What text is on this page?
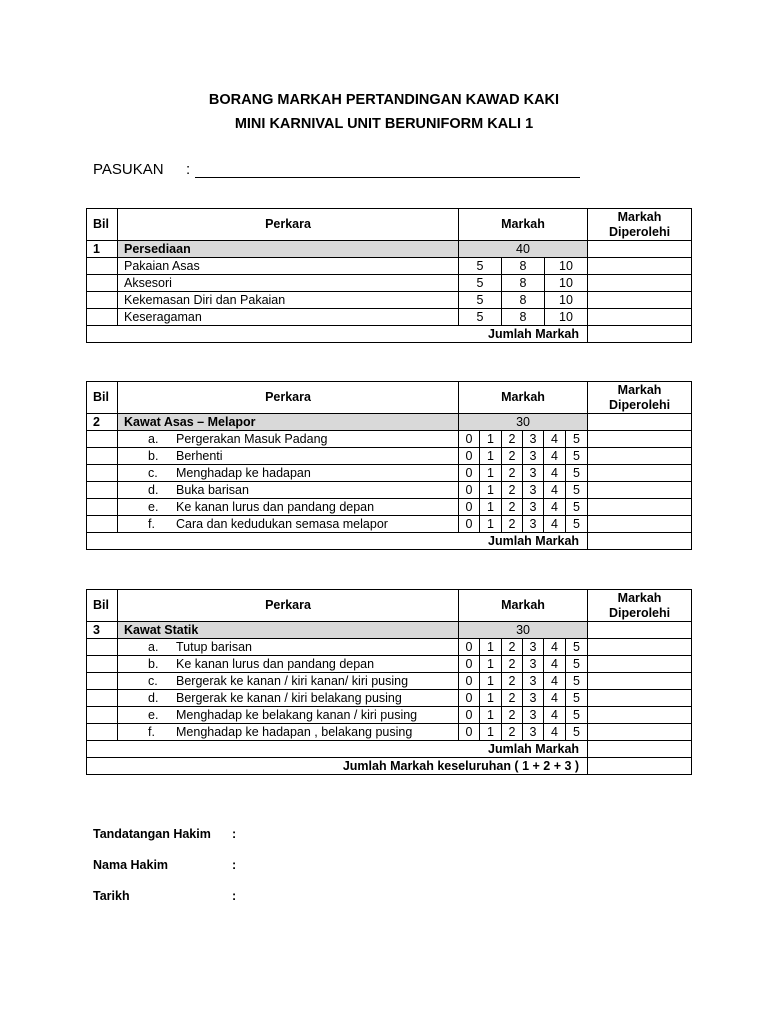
BORANG MARKAH PERTANDINGAN KAWAD KAKI
MINI KARNIVAL UNIT BERUNIFORM KALI 1
PASUKAN :
Bil	Perkara	Markah			Markah
Diperolehi
1	Persediaan	40			
	Pakaian Asas	5	8	10	
	Aksesori	5	8	10	
	Kekemasan Diri dan Pakaian	5	8	10	
	Keseragaman	5	8	10	
Jumlah Markah					
Bil	Perkara	Markah						Markah
Diperolehi
2	Kawat Asas – Melapor	30						

	a. Pergerakan Masuk Padang	0	1	2	3	4	5	

	b. Berhenti	0	1	2	3	4	5	

	c. Menghadap ke hadapan	0	1	2	3	4	5	

	d. Buka barisan	0	1	2	3	4	5	

	e. Ke kanan lurus dan pandang depan	0	1	2	3	4	5	

	f. Cara dan kedudukan semasa melapor	0	1	2	3	4	5	
Jumlah Markah								
Bil	Perkara	Markah						Markah
Diperolehi
3	Kawat Statik	30						

	a. Tutup barisan	0	1	2	3	4	5	

	b. Ke kanan lurus dan pandang depan	0	1	2	3	4	5	

	c. Bergerak ke kanan / kiri kanan/ kiri pusing	0	1	2	3	4	5	

	d. Bergerak ke kanan / kiri belakang pusing	0	1	2	3	4	5	

	e. Menghadap ke belakang kanan / kiri pusing	0	1	2	3	4	5	

	f. Menghadap ke hadapan , belakang pusing	0	1	2	3	4	5	
Jumlah Markah								
Jumlah Markah keseluruhan ( 1 + 2 + 3 )								
Tandatangan Hakim :
Nama Hakim	:
Tarikh	:
